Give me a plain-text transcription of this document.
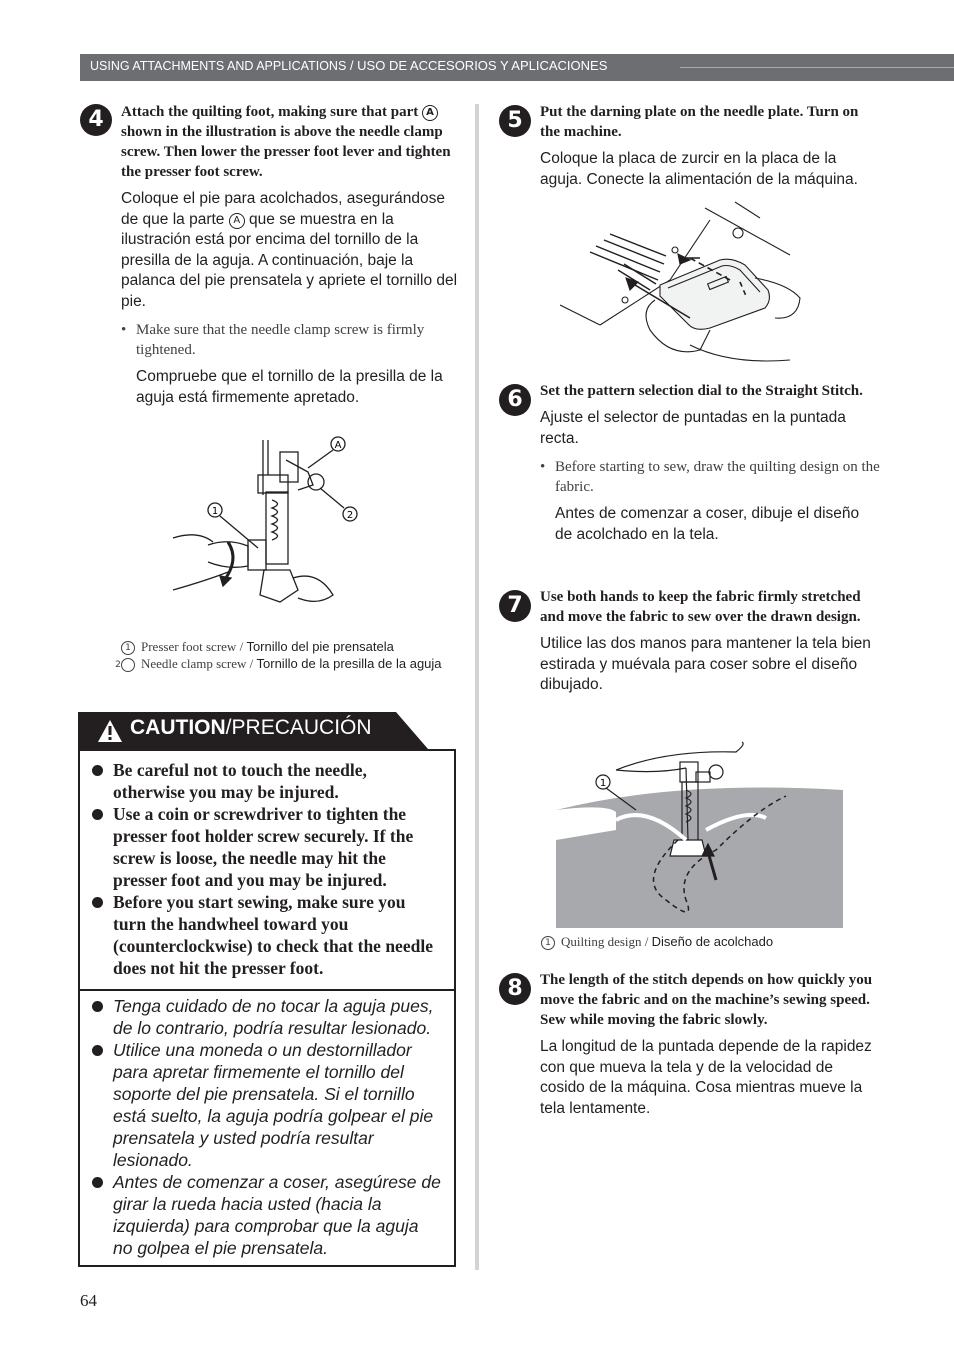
USING ATTACHMENTS AND APPLICATIONS / USO DE ACCESORIOS Y APLICACIONES
4	Attach the quilting foot, making sure that part A shown in the illustration is above the needle clamp screw. Then lower the presser foot lever and tighten the presser foot screw.

Coloque el pie para acolchados, asegurándose de que la parte A que se muestra en la ilustración está por encima del tornillo de la presilla de la aguja. A continuación, baje la palanca del pie prensatela y apriete el tornillo del pie.

• Make sure that the needle clamp screw is firmly tightened.

Compruebe que el tornillo de la presilla de la aguja está firmemente apretado.

A
1	2
1 Presser foot screw / Tornillo del pie prensatela
2 Needle clamp screw / Tornillo de la presilla de la aguja
CAUTION/PRECAUCIÓN

Be careful not to touch the needle, otherwise you may be injured.

Use a coin or screwdriver to tighten the presser foot holder screw securely. If the screw is loose, the needle may hit the presser foot and you may be injured.

Before you start sewing, make sure you turn the handwheel toward you (counterclockwise) to check that the needle does not hit the presser foot.

Tenga cuidado de no tocar la aguja pues, de lo contrario, podría resultar lesionado.

Utilice una moneda o un destornillador para apretar firmemente el tornillo del soporte del pie prensatela. Si el tornillo está suelto, la aguja podría golpear el pie prensatela y usted podría resultar lesionado.

Antes de comenzar a coser, asegúrese de girar la rueda hacia usted (hacia la izquierda) para comprobar que la aguja no golpea el pie prensatela.

64
5	Put the darning plate on the needle plate. Turn on the machine.

Coloque la placa de zurcir en la placa de la aguja. Conecte la alimentación de la máquina.

6	Set the pattern selection dial to the Straight Stitch.

Ajuste el selector de puntadas en la puntada recta.

• Before starting to sew, draw the quilting design on the fabric.

Antes de comenzar a coser, dibuje el diseño de acolchado en la tela.

7	Use both hands to keep the fabric firmly stretched and move the fabric to sew over the drawn design.

Utilice las dos manos para mantener la tela bien estirada y muévala para coser sobre el diseño dibujado.

1
1 Quilting design / Diseño de acolchado
8	The length of the stitch depends on how quickly you move the fabric and on the machine’s sewing speed. Sew while moving the fabric slowly.

La longitud de la puntada depende de la rapidez con que mueva la tela y de la velocidad de cosido de la máquina. Cosa mientras mueve la tela lentamente.
